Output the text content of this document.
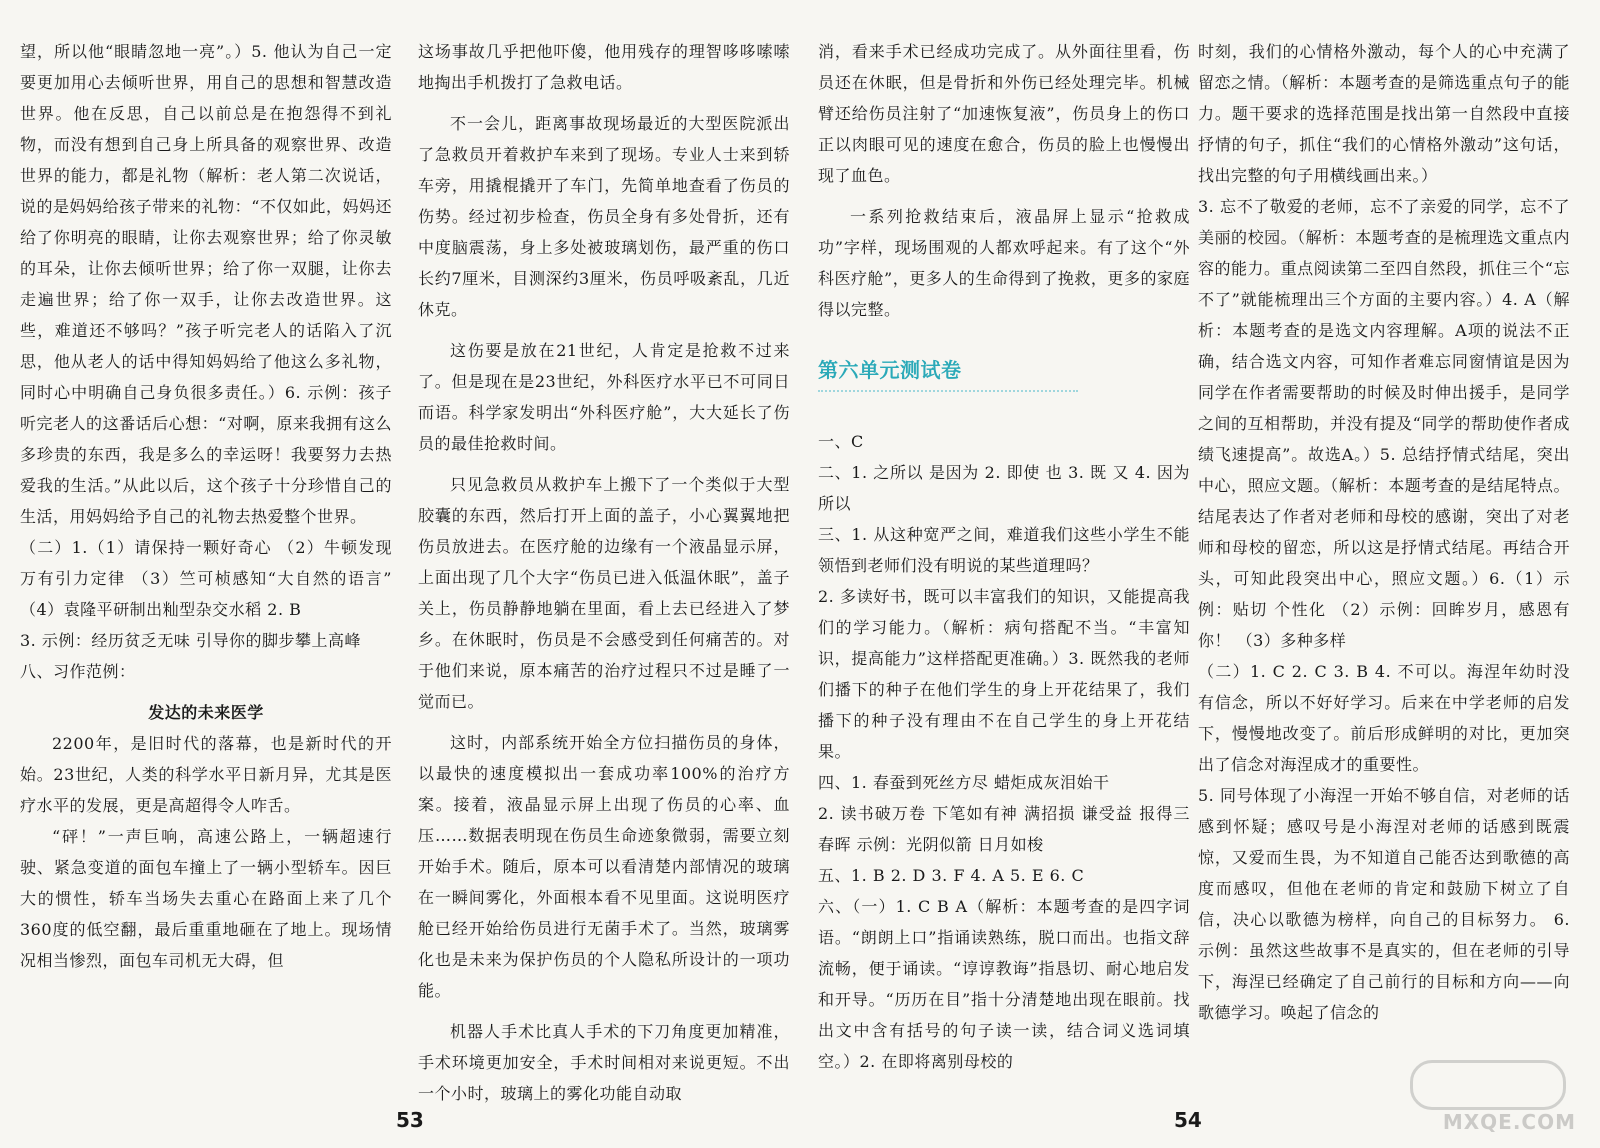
望，所以他“眼睛忽地一亮”。）5. 他认为自己一定要更加用心去倾听世界，用自己的思想和智慧改造世界。他在反思，自己以前总是在抱怨得不到礼物，而没有想到自己身上所具备的观察世界、改造世界的能力，都是礼物（解析：老人第二次说话，说的是妈妈给孩子带来的礼物：“不仅如此，妈妈还给了你明亮的眼睛，让你去观察世界；给了你灵敏的耳朵，让你去倾听世界；给了你一双腿，让你去走遍世界；给了你一双手，让你去改造世界。这些，难道还不够吗？”孩子听完老人的话陷入了沉思，他从老人的话中得知妈妈给了他这么多礼物，同时心中明确自己身负很多责任。）6. 示例：孩子听完老人的这番话后心想：“对啊，原来我拥有这么多珍贵的东西，我是多么的幸运呀！我要努力去热爱我的生活。”从此以后，这个孩子十分珍惜自己的生活，用妈妈给予自己的礼物去热爱整个世界。

（二）1.（1）请保持一颗好奇心 （2）牛顿发现万有引力定律 （3）竺可桢感知“大自然的语言” （4）袁隆平研制出籼型杂交水稻 2. B

3. 示例：经历贫乏无味 引导你的脚步攀上高峰

八、习作范例：

发达的未来医学

2200年，是旧时代的落幕，也是新时代的开始。23世纪，人类的科学水平日新月异，尤其是医疗水平的发展，更是高超得令人咋舌。

“砰！”一声巨响，高速公路上，一辆超速行驶、紧急变道的面包车撞上了一辆小型轿车。因巨大的惯性，轿车当场失去重心在路面上来了几个360度的低空翻，最后重重地砸在了地上。现场情况相当惨烈，面包车司机无大碍，但

这场事故几乎把他吓傻，他用残存的理智哆哆嗦嗦地掏出手机拨打了急救电话。

不一会儿，距离事故现场最近的大型医院派出了急救员开着救护车来到了现场。专业人士来到轿车旁，用撬棍撬开了车门，先简单地查看了伤员的伤势。经过初步检查，伤员全身有多处骨折，还有中度脑震荡，身上多处被玻璃划伤，最严重的伤口长约7厘米，目测深约3厘米，伤员呼吸紊乱，几近休克。

这伤要是放在21世纪，人肯定是抢救不过来了。但是现在是23世纪，外科医疗水平已不可同日而语。科学家发明出“外科医疗舱”，大大延长了伤员的最佳抢救时间。

只见急救员从救护车上搬下了一个类似于大型胶囊的东西，然后打开上面的盖子，小心翼翼地把伤员放进去。在医疗舱的边缘有一个液晶显示屏，上面出现了几个大字“伤员已进入低温休眠”，盖子关上，伤员静静地躺在里面，看上去已经进入了梦乡。在休眠时，伤员是不会感受到任何痛苦的。对于他们来说，原本痛苦的治疗过程只不过是睡了一觉而已。

这时，内部系统开始全方位扫描伤员的身体，以最快的速度模拟出一套成功率100%的治疗方案。接着，液晶显示屏上出现了伤员的心率、血压……数据表明现在伤员生命迹象微弱，需要立刻开始手术。随后，原本可以看清楚内部情况的玻璃在一瞬间雾化，外面根本看不见里面。这说明医疗舱已经开始给伤员进行无菌手术了。当然，玻璃雾化也是未来为保护伤员的个人隐私所设计的一项功能。

机器人手术比真人手术的下刀角度更加精准，手术环境更加安全，手术时间相对来说更短。不出一个小时，玻璃上的雾化功能自动取

53

消，看来手术已经成功完成了。从外面往里看，伤员还在休眠，但是骨折和外伤已经处理完毕。机械臂还给伤员注射了“加速恢复液”，伤员身上的伤口正以肉眼可见的速度在愈合，伤员的脸上也慢慢出现了血色。

一系列抢救结束后，液晶屏上显示“抢救成功”字样，现场围观的人都欢呼起来。有了这个“外科医疗舱”，更多人的生命得到了挽救，更多的家庭得以完整。

第六单元测试卷

一、C

二、1. 之所以 是因为 2. 即使 也 3. 既 又 4. 因为 所以

三、1. 从这种宽严之间，难道我们这些小学生不能领悟到老师们没有明说的某些道理吗？

2. 多读好书，既可以丰富我们的知识，又能提高我们的学习能力。（解析：病句搭配不当。“丰富知识，提高能力”这样搭配更准确。）3. 既然我的老师们播下的种子在他们学生的身上开花结果了，我们播下的种子没有理由不在自己学生的身上开花结果。

四、1. 春蚕到死丝方尽 蜡炬成灰泪始干

2. 读书破万卷 下笔如有神 满招损 谦受益 报得三春晖 示例：光阴似箭 日月如梭

五、1. B 2. D 3. F 4. A 5. E 6. C

六、（一）1. C B A（解析：本题考查的是四字词语。“朗朗上口”指诵读熟练，脱口而出。也指文辞流畅，便于诵读。“谆谆教诲”指恳切、耐心地启发和开导。“历历在目”指十分清楚地出现在眼前。找出文中含有括号的句子读一读，结合词义选词填空。）2. 在即将离别母校的

时刻，我们的心情格外激动，每个人的心中充满了留恋之情。（解析：本题考查的是筛选重点句子的能力。题干要求的选择范围是找出第一自然段中直接抒情的句子，抓住“我们的心情格外激动”这句话，找出完整的句子用横线画出来。）

3. 忘不了敬爱的老师，忘不了亲爱的同学，忘不了美丽的校园。（解析：本题考查的是梳理选文重点内容的能力。重点阅读第二至四自然段，抓住三个“忘不了”就能梳理出三个方面的主要内容。）4. A（解析：本题考查的是选文内容理解。A项的说法不正确，结合选文内容，可知作者难忘同窗情谊是因为同学在作者需要帮助的时候及时伸出援手，是同学之间的互相帮助，并没有提及“同学的帮助使作者成绩飞速提高”。故选A。）5. 总结抒情式结尾，突出中心，照应文题。（解析：本题考查的是结尾特点。结尾表达了作者对老师和母校的感谢，突出了对老师和母校的留恋，所以这是抒情式结尾。再结合开头，可知此段突出中心，照应文题。）6.（1）示例：贴切 个性化 （2）示例：回眸岁月，感恩有你！ （3）多种多样

（二）1. C 2. C 3. B 4. 不可以。海涅年幼时没有信念，所以不好好学习。后来在中学老师的启发下，慢慢地改变了。前后形成鲜明的对比，更加突出了信念对海涅成才的重要性。

5. 同号体现了小海涅一开始不够自信，对老师的话感到怀疑；感叹号是小海涅对老师的话感到既震惊，又爱而生畏，为不知道自己能否达到歌德的高度而感叹，但他在老师的肯定和鼓励下树立了自信，决心以歌德为榜样，向自己的目标努力。 6. 示例：虽然这些故事不是真实的，但在老师的引导下，海涅已经确定了自己前行的目标和方向——向歌德学习。唤起了信念的

54	MXQE.COM
